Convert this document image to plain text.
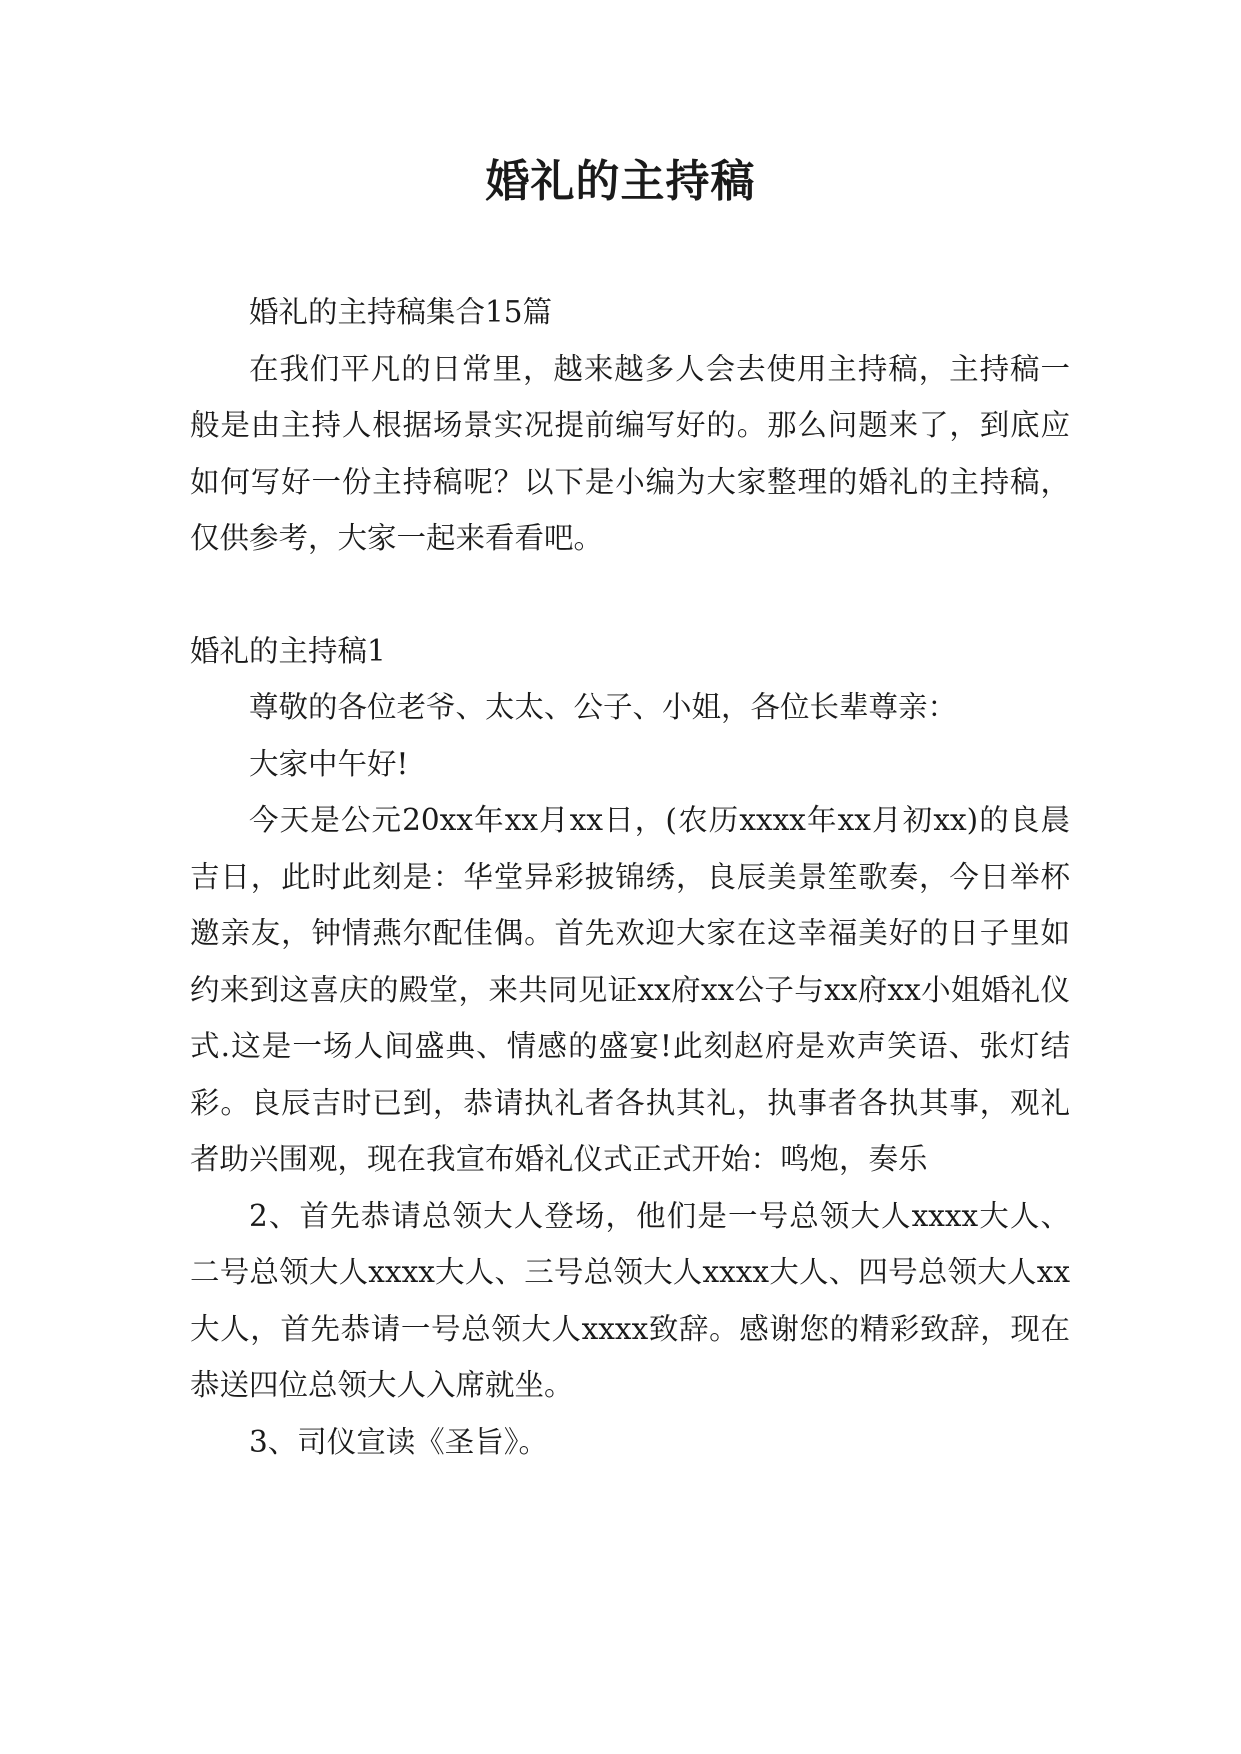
婚礼的主持稿

婚礼的主持稿集合15篇

在我们平凡的日常里，越来越多人会去使用主持稿，主持稿一般是由主持人根据场景实况提前编写好的。那么问题来了，到底应如何写好一份主持稿呢？以下是小编为大家整理的婚礼的主持稿，仅供参考，大家一起来看看吧。

婚礼的主持稿1

尊敬的各位老爷、太太、公子、小姐，各位长辈尊亲：

大家中午好!

今天是公元20xx年xx月xx日，(农历xxxx年xx月初xx)的良晨吉日，此时此刻是：华堂异彩披锦绣，良辰美景笙歌奏，今日举杯邀亲友，钟情燕尔配佳偶。首先欢迎大家在这幸福美好的日子里如约来到这喜庆的殿堂，来共同见证xx府xx公子与xx府xx小姐婚礼仪式.这是一场人间盛典、情感的盛宴!此刻赵府是欢声笑语、张灯结彩。良辰吉时已到，恭请执礼者各执其礼，执事者各执其事，观礼者助兴围观，现在我宣布婚礼仪式正式开始：鸣炮，奏乐

2、首先恭请总领大人登场，他们是一号总领大人xxxx大人、二号总领大人xxxx大人、三号总领大人xxxx大人、四号总领大人xx大人，首先恭请一号总领大人xxxx致辞。感谢您的精彩致辞，现在恭送四位总领大人入席就坐。

3、司仪宣读《圣旨》。
